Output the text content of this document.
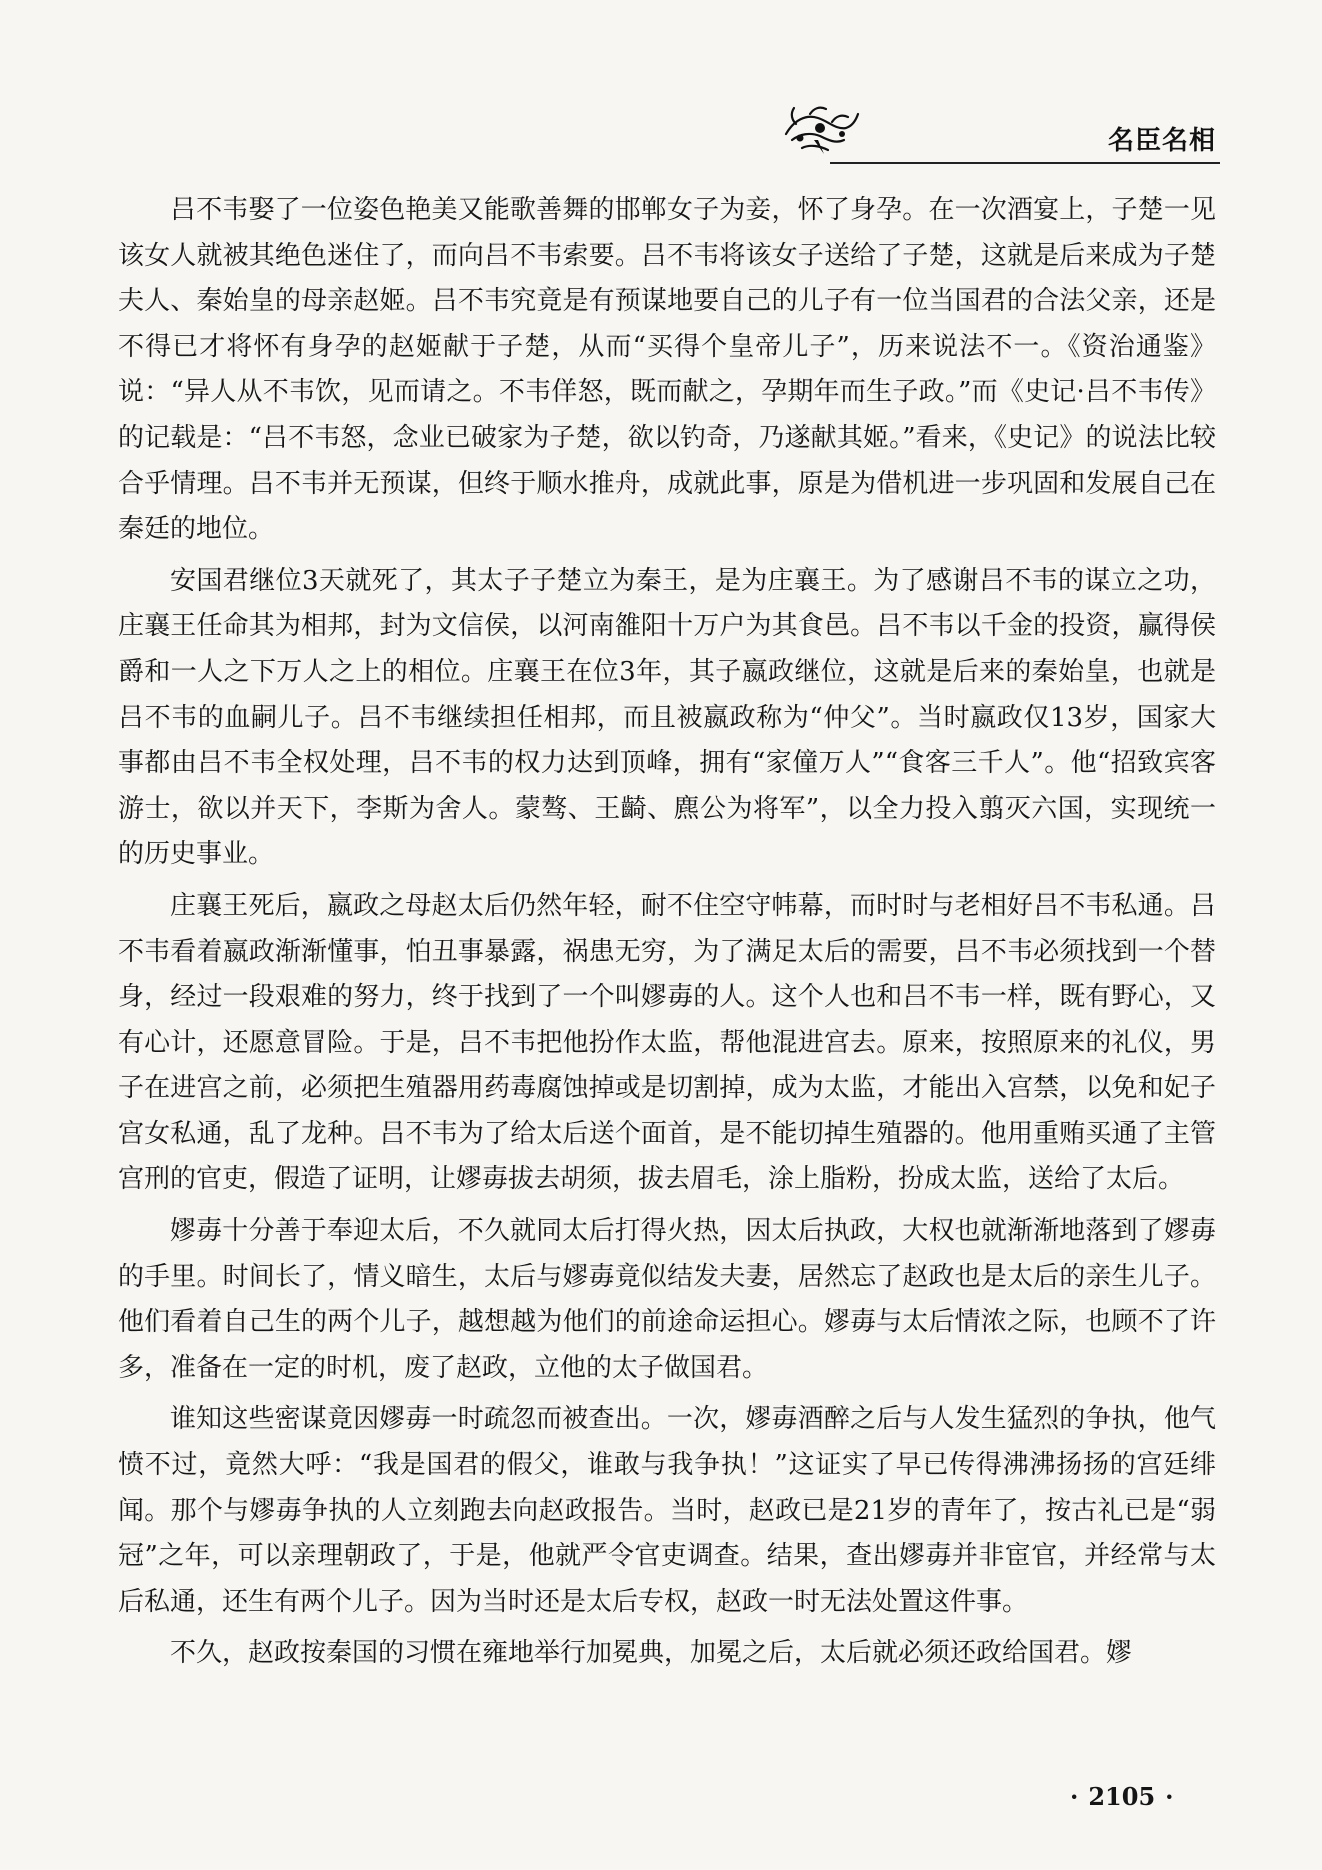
名臣名相

吕不韦娶了一位姿色艳美又能歌善舞的邯郸女子为妾，怀了身孕。在一次酒宴上，子楚一见该女人就被其绝色迷住了，而向吕不韦索要。吕不韦将该女子送给了子楚，这就是后来成为子楚夫人、秦始皇的母亲赵姬。吕不韦究竟是有预谋地要自己的儿子有一位当国君的合法父亲，还是不得已才将怀有身孕的赵姬献于子楚，从而“买得个皇帝儿子”，历来说法不一。《资治通鉴》说：“异人从不韦饮，见而请之。不韦佯怒，既而献之，孕期年而生子政。”而《史记·吕不韦传》的记载是：“吕不韦怒，念业已破家为子楚，欲以钓奇，乃遂献其姬。”看来，《史记》的说法比较合乎情理。吕不韦并无预谋，但终于顺水推舟，成就此事，原是为借机进一步巩固和发展自己在秦廷的地位。

安国君继位3天就死了，其太子子楚立为秦王，是为庄襄王。为了感谢吕不韦的谋立之功，庄襄王任命其为相邦，封为文信侯，以河南雒阳十万户为其食邑。吕不韦以千金的投资，赢得侯爵和一人之下万人之上的相位。庄襄王在位3年，其子嬴政继位，这就是后来的秦始皇，也就是吕不韦的血嗣儿子。吕不韦继续担任相邦，而且被嬴政称为“仲父”。当时嬴政仅13岁，国家大事都由吕不韦全权处理，吕不韦的权力达到顶峰，拥有“家僮万人”“食客三千人”。他“招致宾客游士，欲以并天下，李斯为舍人。蒙骜、王齮、麃公为将军”，以全力投入翦灭六国，实现统一的历史事业。

庄襄王死后，嬴政之母赵太后仍然年轻，耐不住空守帏幕，而时时与老相好吕不韦私通。吕不韦看着嬴政渐渐懂事，怕丑事暴露，祸患无穷，为了满足太后的需要，吕不韦必须找到一个替身，经过一段艰难的努力，终于找到了一个叫嫪毐的人。这个人也和吕不韦一样，既有野心，又有心计，还愿意冒险。于是，吕不韦把他扮作太监，帮他混进宫去。原来，按照原来的礼仪，男子在进宫之前，必须把生殖器用药毒腐蚀掉或是切割掉，成为太监，才能出入宫禁，以免和妃子宫女私通，乱了龙种。吕不韦为了给太后送个面首，是不能切掉生殖器的。他用重贿买通了主管宫刑的官吏，假造了证明，让嫪毐拔去胡须，拔去眉毛，涂上脂粉，扮成太监，送给了太后。

嫪毐十分善于奉迎太后，不久就同太后打得火热，因太后执政，大权也就渐渐地落到了嫪毐的手里。时间长了，情义暗生，太后与嫪毐竟似结发夫妻，居然忘了赵政也是太后的亲生儿子。他们看着自己生的两个儿子，越想越为他们的前途命运担心。嫪毐与太后情浓之际，也顾不了许多，准备在一定的时机，废了赵政，立他的太子做国君。

谁知这些密谋竟因嫪毐一时疏忽而被查出。一次，嫪毐酒醉之后与人发生猛烈的争执，他气愤不过，竟然大呼：“我是国君的假父，谁敢与我争执！”这证实了早已传得沸沸扬扬的宫廷绯闻。那个与嫪毐争执的人立刻跑去向赵政报告。当时，赵政已是21岁的青年了，按古礼已是“弱冠”之年，可以亲理朝政了，于是，他就严令官吏调查。结果，查出嫪毐并非宦官，并经常与太后私通，还生有两个儿子。因为当时还是太后专权，赵政一时无法处置这件事。

不久，赵政按秦国的习惯在雍地举行加冕典，加冕之后，太后就必须还政给国君。嫪

· 2105 ·
